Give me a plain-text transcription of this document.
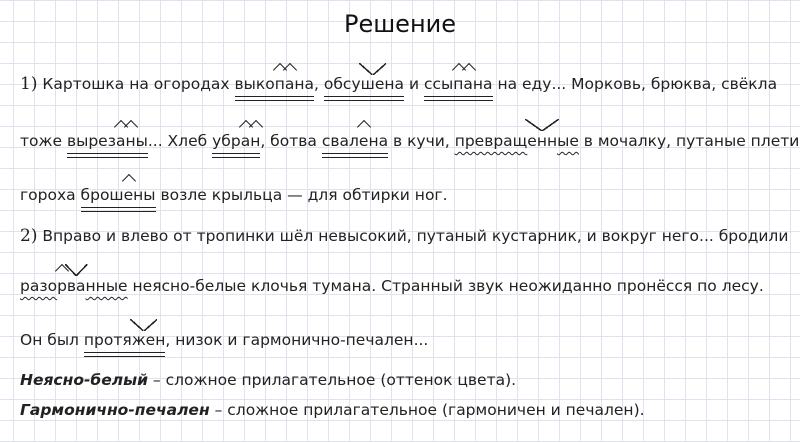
Решение
1) Картошка на огородах выкопана, обсушена и ссыпана на еду... Морковь, брюква, свёкла
тоже вырезаны... Хлеб убран, ботва свалена в кучи, превращенные в мочалку, путаные плети
гороха брошены возле крыльца — для обтирки ног.
2) Вправо и влево от тропинки шёл невысокий, путаный кустарник, и вокруг него... бродили
разорванные неясно-белые клочья тумана. Странный звук неожиданно пронёсся по лесу.
Он был протяжен, низок и гармонично-печален...
Неясно-белый – сложное прилагательное (оттенок цвета).
Гармонично-печален – сложное прилагательное (гармоничен и печален).
